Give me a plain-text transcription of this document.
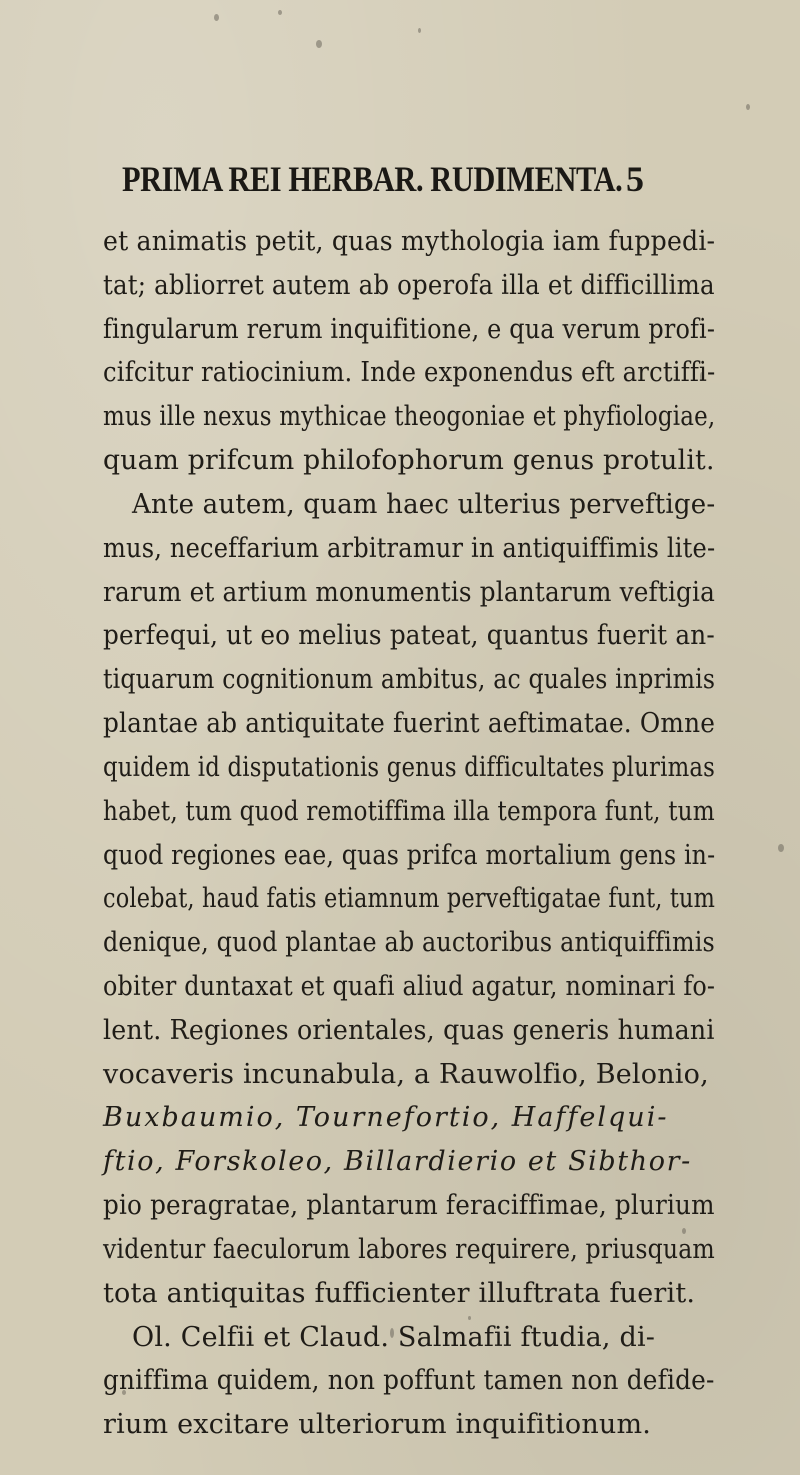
PRIMA REI HERBAR. RUDIMENTA. 5
et animatis petit, quas mythologia iam fuppedi-
tat; abliorret autem ab operofa illa et difficillima
fingularum rerum inquifitione, e qua verum profi-
cifcitur ratiocinium. Inde exponendus eft arctiffi-
mus ille nexus mythicae theogoniae et phyfiologiae,
quam prifcum philofophorum genus protulit.
Ante autem, quam haec ulterius perveftige-
mus, neceffarium arbitramur in antiquiffimis lite-
rarum et artium monumentis plantarum veftigia
perfequi, ut eo melius pateat, quantus fuerit an-
tiquarum cognitionum ambitus, ac quales inprimis
plantae ab antiquitate fuerint aeftimatae. Omne
quidem id disputationis genus difficultates plurimas
habet, tum quod remotiffima illa tempora funt, tum
quod regiones eae, quas prifca mortalium gens in-
colebat, haud fatis etiamnum perveftigatae funt, tum
denique, quod plantae ab auctoribus antiquiffimis
obiter duntaxat et quafi aliud agatur, nominari fo-
lent. Regiones orientales, quas generis humani
vocaveris incunabula, a Rauwolfio, Belonio,
Buxbaumio, Tournefortio, Haffelqui-
ftio, Forskoleo, Billardierio et Sibthor-
pio peragratae, plantarum feraciffimae, plurium
videntur faeculorum labores requirere, priusquam
tota antiquitas fufficienter illuftrata fuerit.
Ol. Celfii et Claud. Salmafii ftudia, di-
gniffima quidem, non poffunt tamen non defide-
rium excitare ulteriorum inquifitionum.
